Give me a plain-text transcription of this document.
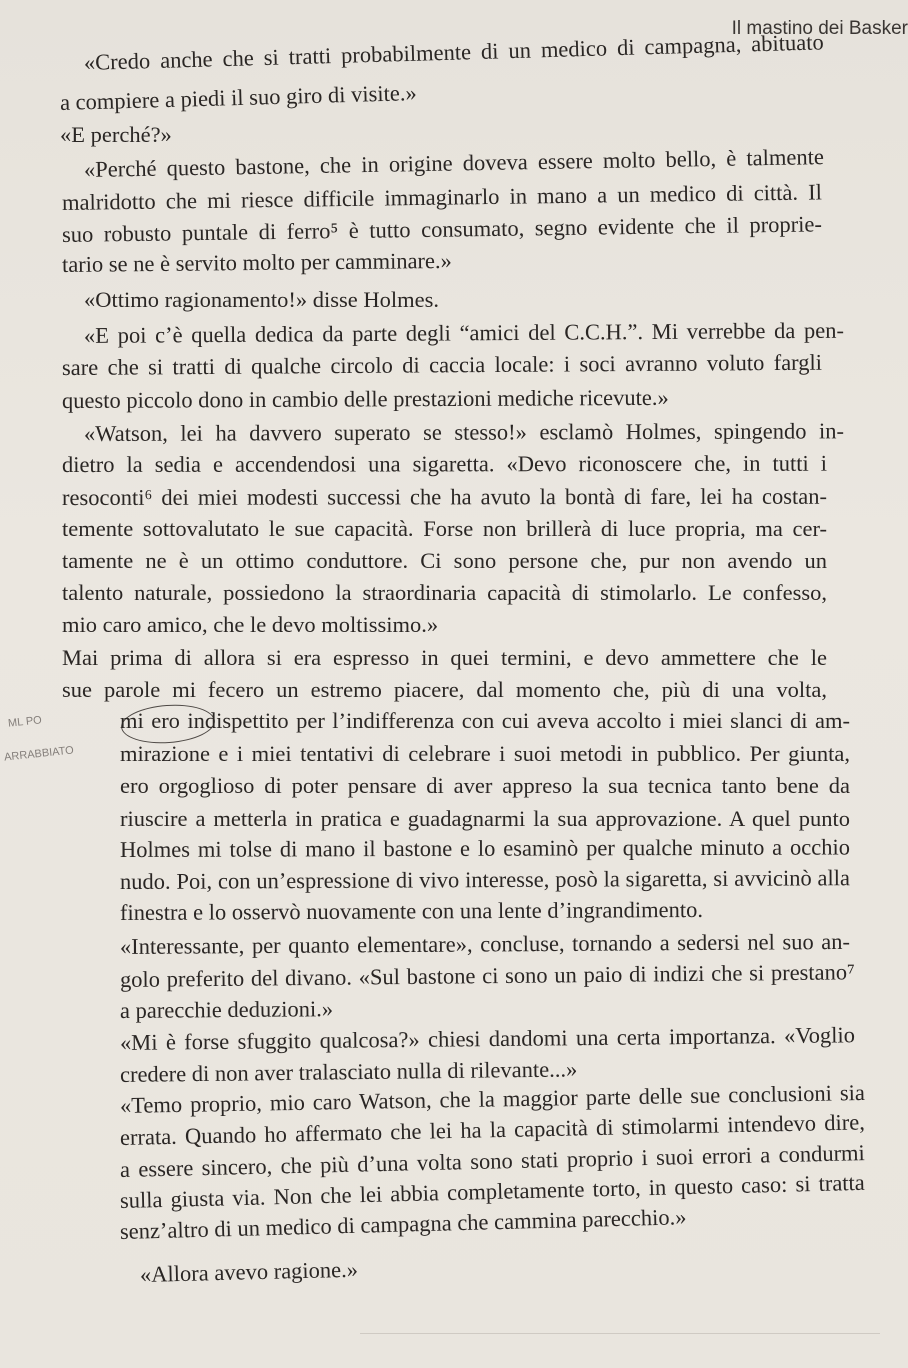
Il mastino dei Basker
ML PO
ARRABBIATO
«Credo anche che si tratti probabilmente di un medico di campagna, abituato
a compiere a piedi il suo giro di visite.»
«E perché?»
«Perché questo bastone, che in origine doveva essere molto bello, è talmente
malridotto che mi riesce difficile immaginarlo in mano a un medico di città. Il
suo robusto puntale di ferro⁵ è tutto consumato, segno evidente che il proprie-
tario se ne è servito molto per camminare.»
«Ottimo ragionamento!» disse Holmes.
«E poi c’è quella dedica da parte degli “amici del C.C.H.”. Mi verrebbe da pen-
sare che si tratti di qualche circolo di caccia locale: i soci avranno voluto fargli
questo piccolo dono in cambio delle prestazioni mediche ricevute.»
«Watson, lei ha davvero superato se stesso!» esclamò Holmes, spingendo in-
dietro la sedia e accendendosi una sigaretta. «Devo riconoscere che, in tutti i
resoconti⁶ dei miei modesti successi che ha avuto la bontà di fare, lei ha costan-
temente sottovalutato le sue capacità. Forse non brillerà di luce propria, ma cer-
tamente ne è un ottimo conduttore. Ci sono persone che, pur non avendo un
talento naturale, possiedono la straordinaria capacità di stimolarlo. Le confesso,
mio caro amico, che le devo moltissimo.»
Mai prima di allora si era espresso in quei termini, e devo ammettere che le
sue parole mi fecero un estremo piacere, dal momento che, più di una volta,
mi ero indispettito per l’indifferenza con cui aveva accolto i miei slanci di am-
mirazione e i miei tentativi di celebrare i suoi metodi in pubblico. Per giunta,
ero orgoglioso di poter pensare di aver appreso la sua tecnica tanto bene da
riuscire a metterla in pratica e guadagnarmi la sua approvazione. A quel punto
Holmes mi tolse di mano il bastone e lo esaminò per qualche minuto a occhio
nudo. Poi, con un’espressione di vivo interesse, posò la sigaretta, si avvicinò alla
finestra e lo osservò nuovamente con una lente d’ingrandimento.
«Interessante, per quanto elementare», concluse, tornando a sedersi nel suo an-
golo preferito del divano. «Sul bastone ci sono un paio di indizi che si prestano⁷
a parecchie deduzioni.»
«Mi è forse sfuggito qualcosa?» chiesi dandomi una certa importanza. «Voglio
credere di non aver tralasciato nulla di rilevante...»
«Temo proprio, mio caro Watson, che la maggior parte delle sue conclusioni sia
errata. Quando ho affermato che lei ha la capacità di stimolarmi intendevo dire,
a essere sincero, che più d’una volta sono stati proprio i suoi errori a condurmi
sulla giusta via. Non che lei abbia completamente torto, in questo caso: si tratta
senz’altro di un medico di campagna che cammina parecchio.»
«Allora avevo ragione.»
